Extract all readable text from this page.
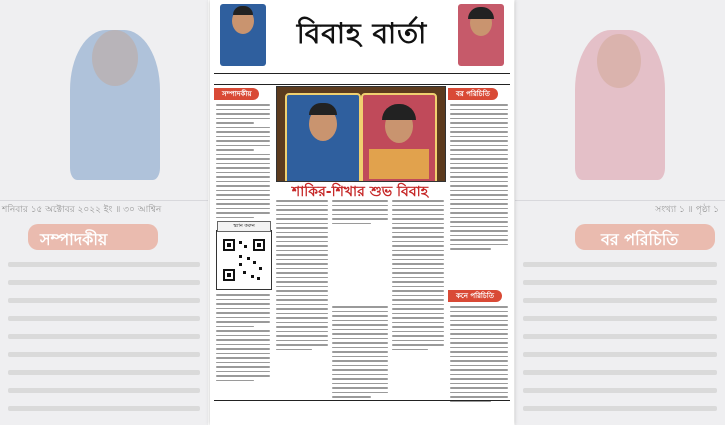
শনিবার ১৫ অক্টোবর ২০২২ ইং ॥ ৩০ আশ্বিন
সম্পাদকীয়
সংখ্যা ১ ॥ পৃষ্ঠা ১
বর পরিচিতি
বিবাহ বার্তা
সম্পাদকীয়
স্ক্যান করুন
শাকির-শিখার শুভ বিবাহ
বর পরিচিতি
কনে পরিচিতি
